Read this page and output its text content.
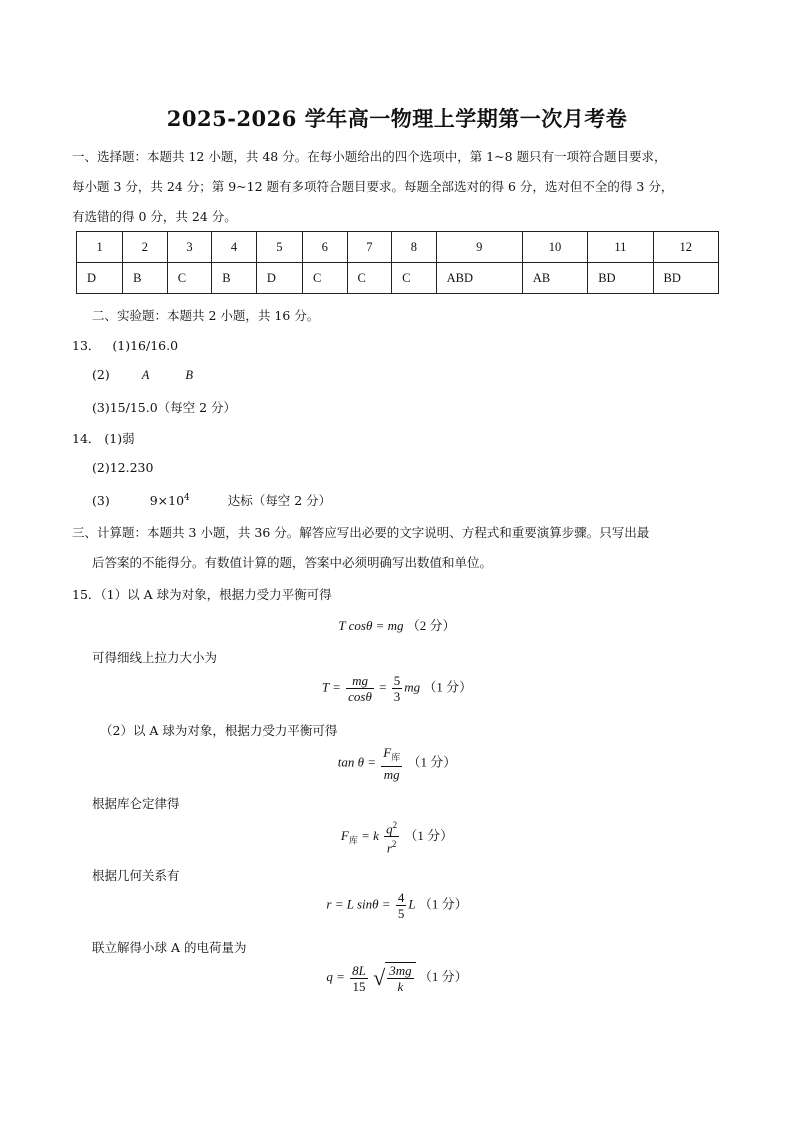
2025-2026 学年高一物理上学期第一次月考卷
一、选择题：本题共 12 小题，共 48 分。在每小题给出的四个选项中，第 1~8 题只有一项符合题目要求，
每小题 3 分，共 24 分；第 9~12 题有多项符合题目要求。每题全部选对的得 6 分，选对但不全的得 3 分，
有选错的得 0 分，共 24 分。
1	2	3	4	5	6	7	8	9	10	11	12
D	B	C	B	D	C	C	C	ABD	AB	BD	BD
二、实验题：本题共 2 小题，共 16 分。
13． (1)16/16.0
(2)	A	B
(3)15/15.0（每空 2 分）
14． (1)弱
(2)12.230
(3)	$9\times 10^4$	达标（每空 2 分）
三、计算题：本题共 3 小题，共 36 分。解答应写出必要的文字说明、方程式和重要演算步骤。只写出最
后答案的不能得分。有数值计算的题，答案中必须明确写出数值和单位。
15．（1）以 A 球为对象，根据力受力平衡可得
T cosθ = mg （2 分）
可得细线上拉力大小为
$T = \frac{mg}{\cos\theta} = \frac{5}{3}$ mg （1 分）
（2）以 A 球为对象，根据力受力平衡可得
$\tan \theta = \frac{F_库}{mg} (1$ 分）
根据库仑定律得
$F_库 = k \frac{q^2}{r^2} (1$ 分）
根据几何关系有
r = L $\sin\theta = \frac{4}{5}$ L （1 分）
联立解得小球 A 的电荷量为
$q = \frac{8L}{15}$ √ $\frac{3mg}{k} (1$ 分）
